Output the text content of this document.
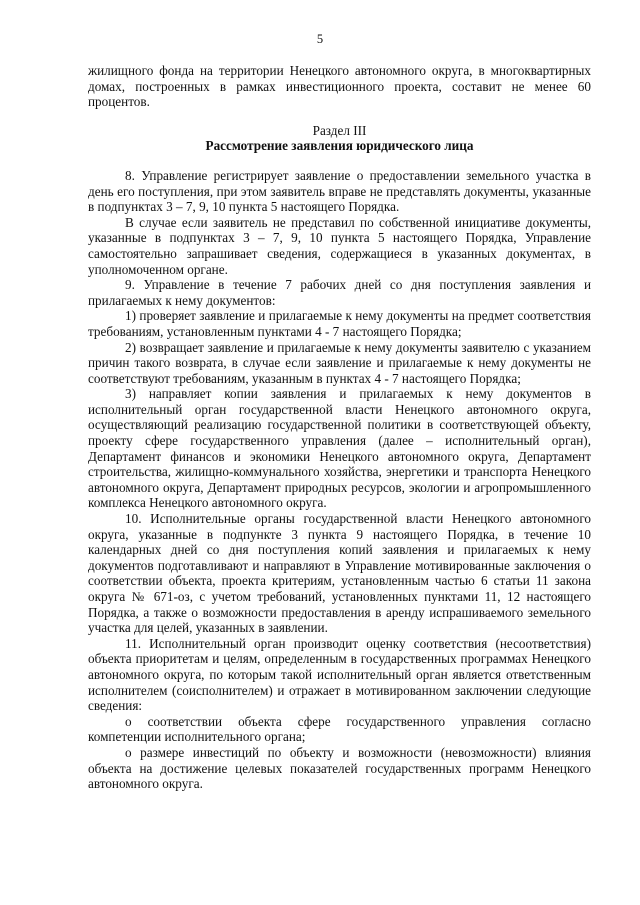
5

жилищного фонда на территории Ненецкого автономного округа, в многоквартирных домах, построенных в рамках инвестиционного проекта, составит не менее 60 процентов.

Раздел III

Рассмотрение заявления юридического лица

8. Управление регистрирует заявление о предоставлении земельного участка в день его поступления, при этом заявитель вправе не представлять документы, указанные в подпунктах 3 – 7, 9, 10 пункта 5 настоящего Порядка.

В случае если заявитель не представил по собственной инициативе документы, указанные в подпунктах 3 – 7, 9, 10 пункта 5 настоящего Порядка, Управление самостоятельно запрашивает сведения, содержащиеся в указанных документах, в уполномоченном органе.

9. Управление в течение 7 рабочих дней со дня поступления заявления и прилагаемых к нему документов:

1) проверяет заявление и прилагаемые к нему документы на предмет соответствия требованиям, установленным пунктами 4 - 7 настоящего Порядка;

2) возвращает заявление и прилагаемые к нему документы заявителю с указанием причин такого возврата, в случае если заявление и прилагаемые к нему документы не соответствуют требованиям, указанным в пунктах 4 - 7 настоящего Порядка;

3) направляет копии заявления и прилагаемых к нему документов в исполнительный орган государственной власти Ненецкого автономного округа, осуществляющий реализацию государственной политики в соответствующей объекту, проекту сфере государственного управления (далее – исполнительный орган), Департамент финансов и экономики Ненецкого автономного округа, Департамент строительства, жилищно-коммунального хозяйства, энергетики и транспорта Ненецкого автономного округа, Департамент природных ресурсов, экологии и агропромышленного комплекса Ненецкого автономного округа.

10. Исполнительные органы государственной власти Ненецкого автономного округа, указанные в подпункте 3 пункта 9 настоящего Порядка, в течение 10 календарных дней со дня поступления копий заявления и прилагаемых к нему документов подготавливают и направляют в Управление мотивированные заключения о соответствии объекта, проекта критериям, установленным частью 6 статьи 11 закона округа № 671-оз, с учетом требований, установленных пунктами 11, 12 настоящего Порядка, а также о возможности предоставления в аренду испрашиваемого земельного участка для целей, указанных в заявлении.

11. Исполнительный орган производит оценку соответствия (несоответствия) объекта приоритетам и целям, определенным в государственных программах Ненецкого автономного округа, по которым такой исполнительный орган является ответственным исполнителем (соисполнителем) и отражает в мотивированном заключении следующие сведения:

о соответствии объекта сфере государственного управления согласно компетенции исполнительного органа;

о размере инвестиций по объекту и возможности (невозможности) влияния объекта на достижение целевых показателей государственных программ Ненецкого автономного округа.
